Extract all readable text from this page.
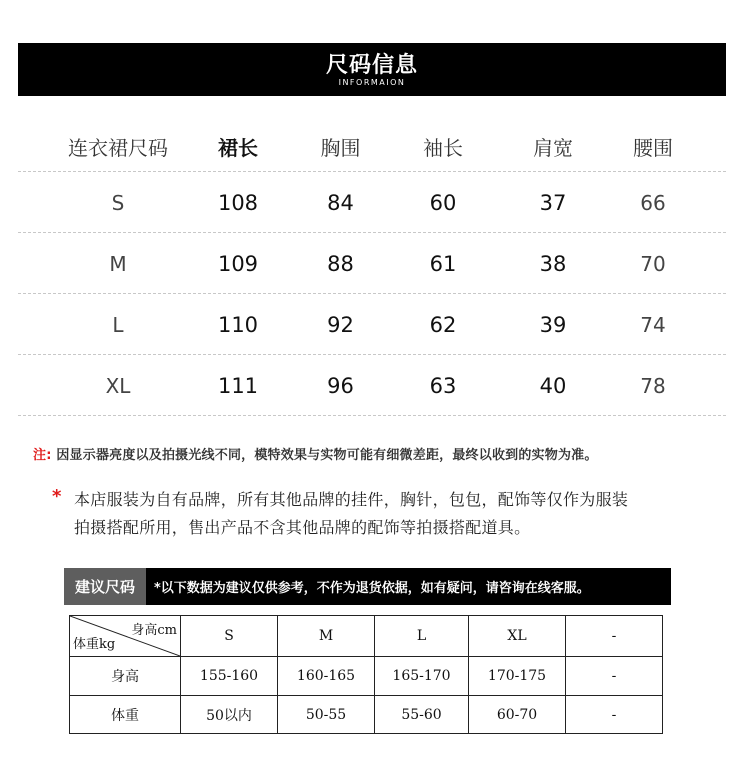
尺码信息
INFORMAION
连衣裙尺码	裙长	胸围	袖长	肩宽	腰围
S	108	84	60	37	66
M	109	88	61	38	70
L	110	92	62	39	74
XL	111	96	63	40	78
注: 因显示器亮度以及拍摄光线不同，模特效果与实物可能有细微差距，最终以收到的实物为准。
* 本店服装为自有品牌，所有其他品牌的挂件，胸针，包包，配饰等仅作为服装
拍摄搭配所用，售出产品不含其他品牌的配饰等拍摄搭配道具。
建议尺码	*以下数据为建议仅供参考，不作为退货依据，如有疑问，请咨询在线客服。
身高cm
体重kg	S	M	L	XL	-
身高	155-160	160-165	165-170	170-175	-
体重	50以内	50-55	55-60	60-70	-
